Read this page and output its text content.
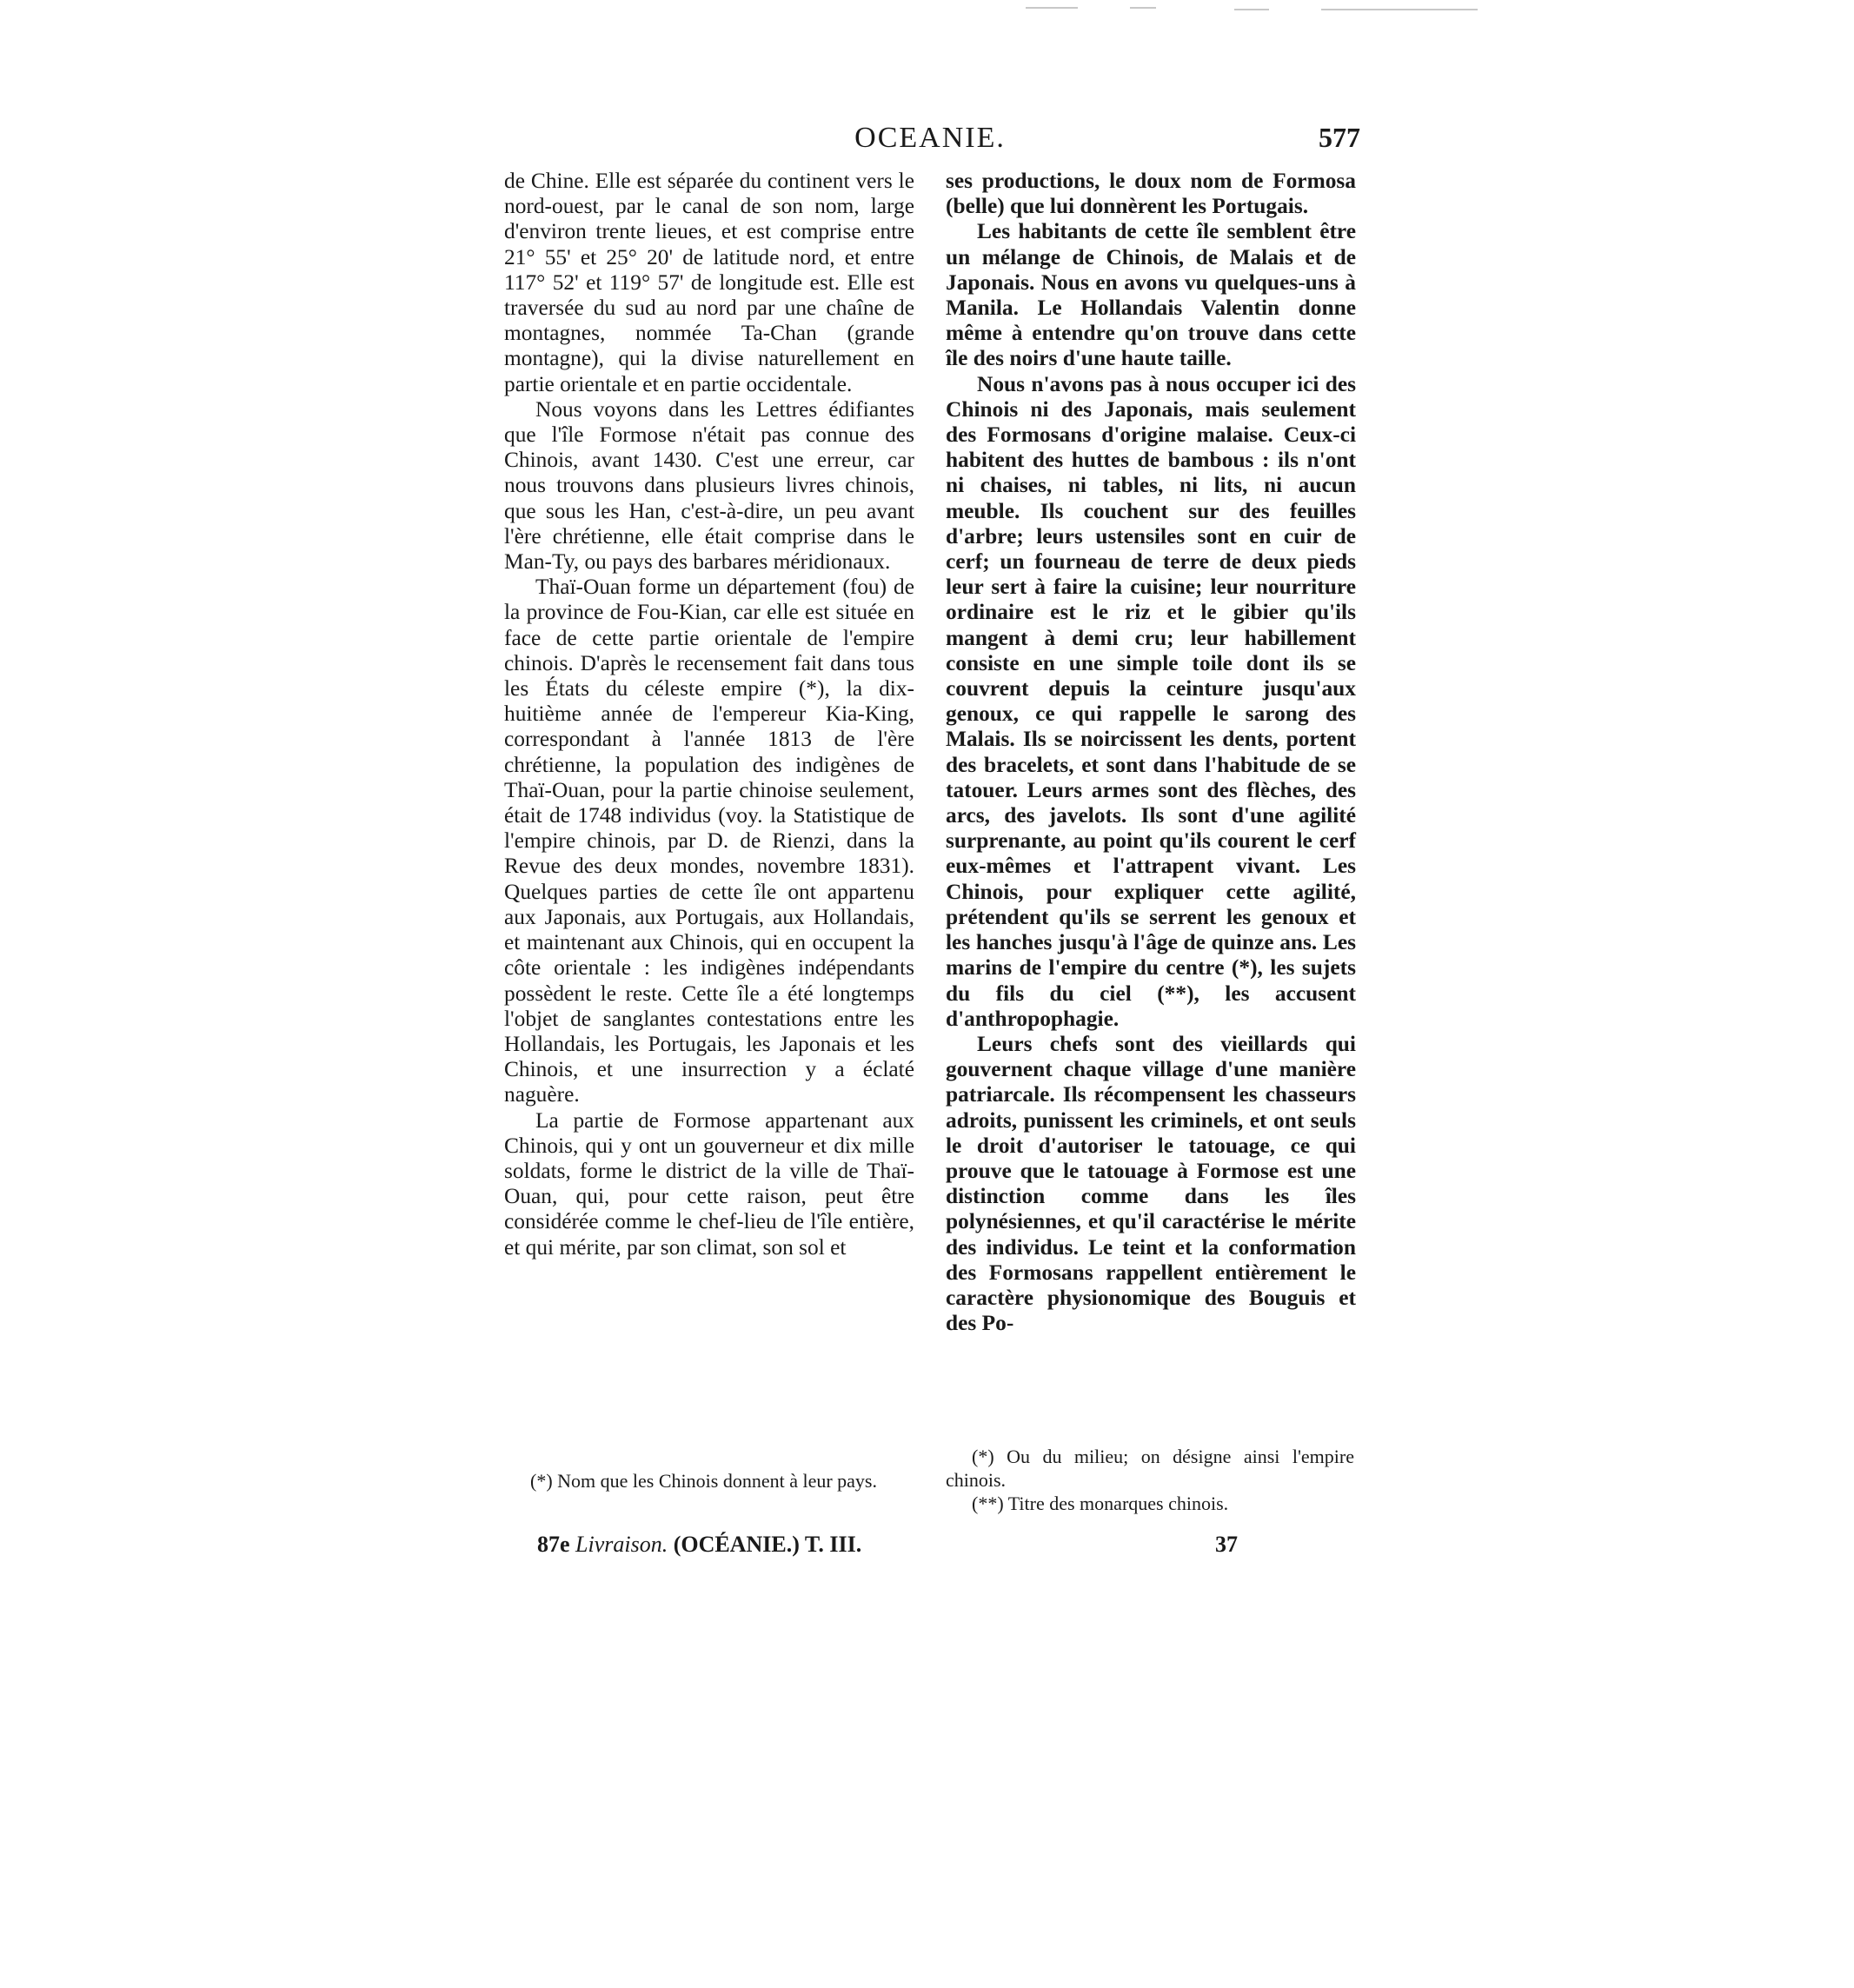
OCEANIE.	577

de Chine. Elle est séparée du continent vers le nord-ouest, par le canal de son nom, large d'environ trente lieues, et est comprise entre 21° 55' et 25° 20' de latitude nord, et entre 117° 52' et 119° 57' de longitude est. Elle est traversée du sud au nord par une chaîne de montagnes, nommée Ta-Chan (grande montagne), qui la divise naturellement en partie orientale et en partie occidentale.

Nous voyons dans les Lettres édifiantes que l'île Formose n'était pas connue des Chinois, avant 1430. C'est une erreur, car nous trouvons dans plusieurs livres chinois, que sous les Han, c'est-à-dire, un peu avant l'ère chrétienne, elle était comprise dans le Man-Ty, ou pays des barbares méridionaux.

Thaï-Ouan forme un département (fou) de la province de Fou-Kian, car elle est située en face de cette partie orientale de l'empire chinois. D'après le recensement fait dans tous les États du céleste empire (*), la dix-huitième année de l'empereur Kia-King, correspondant à l'année 1813 de l'ère chrétienne, la population des indigènes de Thaï-Ouan, pour la partie chinoise seulement, était de 1748 individus (voy. la Statistique de l'empire chinois, par D. de Rienzi, dans la Revue des deux mondes, novembre 1831). Quelques parties de cette île ont appartenu aux Japonais, aux Portugais, aux Hollandais, et maintenant aux Chinois, qui en occupent la côte orientale : les indigènes indépendants possèdent le reste. Cette île a été longtemps l'objet de sanglantes contestations entre les Hollandais, les Portugais, les Japonais et les Chinois, et une insurrection y a éclaté naguère.

La partie de Formose appartenant aux Chinois, qui y ont un gouverneur et dix mille soldats, forme le district de la ville de Thaï-Ouan, qui, pour cette raison, peut être considérée comme le chef-lieu de l'île entière, et qui mérite, par son climat, son sol et

ses productions, le doux nom de Formosa (belle) que lui donnèrent les Portugais.

Les habitants de cette île semblent être un mélange de Chinois, de Malais et de Japonais. Nous en avons vu quelques-uns à Manila. Le Hollandais Valentin donne même à entendre qu'on trouve dans cette île des noirs d'une haute taille.

Nous n'avons pas à nous occuper ici des Chinois ni des Japonais, mais seulement des Formosans d'origine malaise. Ceux-ci habitent des huttes de bambous : ils n'ont ni chaises, ni tables, ni lits, ni aucun meuble. Ils couchent sur des feuilles d'arbre; leurs ustensiles sont en cuir de cerf; un fourneau de terre de deux pieds leur sert à faire la cuisine; leur nourriture ordinaire est le riz et le gibier qu'ils mangent à demi cru; leur habillement consiste en une simple toile dont ils se couvrent depuis la ceinture jusqu'aux genoux, ce qui rappelle le sarong des Malais. Ils se noircissent les dents, portent des bracelets, et sont dans l'habitude de se tatouer. Leurs armes sont des flèches, des arcs, des javelots. Ils sont d'une agilité surprenante, au point qu'ils courent le cerf eux-mêmes et l'attrapent vivant. Les Chinois, pour expliquer cette agilité, prétendent qu'ils se serrent les genoux et les hanches jusqu'à l'âge de quinze ans. Les marins de l'empire du centre (*), les sujets du fils du ciel (**), les accusent d'anthropophagie.

Leurs chefs sont des vieillards qui gouvernent chaque village d'une manière patriarcale. Ils récompensent les chasseurs adroits, punissent les criminels, et ont seuls le droit d'autoriser le tatouage, ce qui prouve que le tatouage à Formose est une distinction comme dans les îles polynésiennes, et qu'il caractérise le mérite des individus. Le teint et la conformation des Formosans rappellent entièrement le caractère physionomique des Bouguis et des Po-

(*) Nom que les Chinois donnent à leur pays.

(*) Ou du milieu; on désigne ainsi l'empire chinois.

(**) Titre des monarques chinois.

87e Livraison. (OCÉANIE.) T. III.	37
